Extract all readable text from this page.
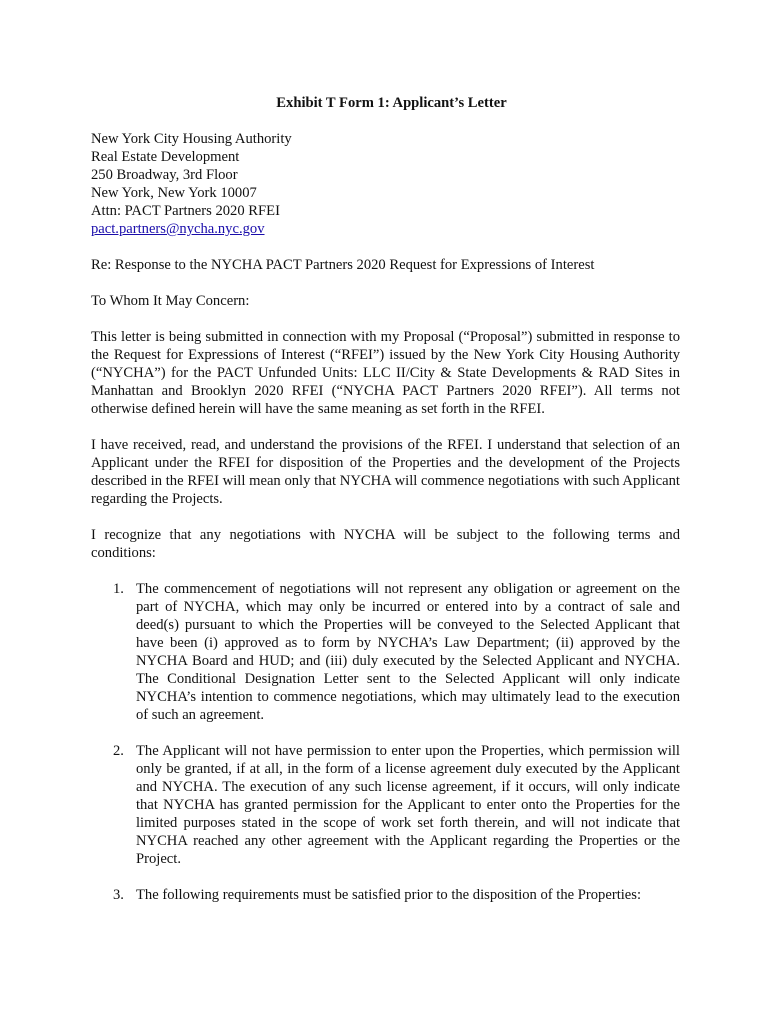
Exhibit T Form 1: Applicant’s Letter

New York City Housing Authority
Real Estate Development
250 Broadway, 3rd Floor
New York, New York 10007
Attn: PACT Partners 2020 RFEI
pact.partners@nycha.nyc.gov

Re: Response to the NYCHA PACT Partners 2020 Request for Expressions of Interest

To Whom It May Concern:

This letter is being submitted in connection with my Proposal (“Proposal”) submitted in response to the Request for Expressions of Interest (“RFEI”) issued by the New York City Housing Authority (“NYCHA”) for the PACT Unfunded Units: LLC II/City & State Developments & RAD Sites in Manhattan and Brooklyn 2020 RFEI (“NYCHA PACT Partners 2020 RFEI”). All terms not otherwise defined herein will have the same meaning as set forth in the RFEI.

I have received, read, and understand the provisions of the RFEI. I understand that selection of an Applicant under the RFEI for disposition of the Properties and the development of the Projects described in the RFEI will mean only that NYCHA will commence negotiations with such Applicant regarding the Projects.

I recognize that any negotiations with NYCHA will be subject to the following terms and conditions:

1. The commencement of negotiations will not represent any obligation or agreement on the part of NYCHA, which may only be incurred or entered into by a contract of sale and deed(s) pursuant to which the Properties will be conveyed to the Selected Applicant that have been (i) approved as to form by NYCHA’s Law Department; (ii) approved by the NYCHA Board and HUD; and (iii) duly executed by the Selected Applicant and NYCHA. The Conditional Designation Letter sent to the Selected Applicant will only indicate NYCHA’s intention to commence negotiations, which may ultimately lead to the execution of such an agreement.
2. The Applicant will not have permission to enter upon the Properties, which permission will only be granted, if at all, in the form of a license agreement duly executed by the Applicant and NYCHA. The execution of any such license agreement, if it occurs, will only indicate that NYCHA has granted permission for the Applicant to enter onto the Properties for the limited purposes stated in the scope of work set forth therein, and will not indicate that NYCHA reached any other agreement with the Applicant regarding the Properties or the Project.
3. The following requirements must be satisfied prior to the disposition of the Properties:
